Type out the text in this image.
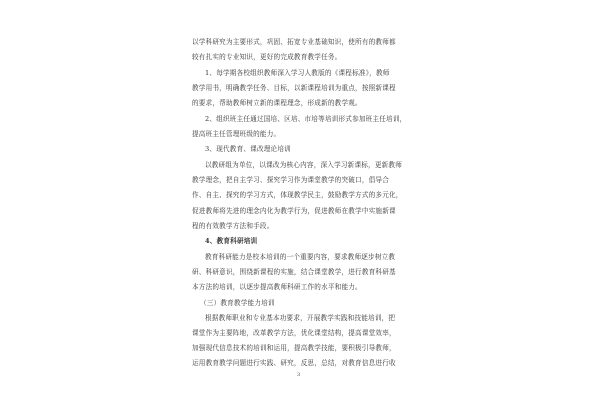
以学科研究为主要形式，巩固、拓宽专业基础知识，使所有的教师都
较有扎实的专业知识，更好的完成教育教学任务。
1、每学期各校组织教师深入学习人教版的《课程标准》，教师
教学用书，明确教学任务、目标，以新课程培训为重点，按照新课程
的要求，帮助教师树立新的课程理念，形成新的教学观。
2、组织班主任通过国培、区培、市培等培训形式参加班主任培训，
提高班主任管理班级的能力。
3、现代教育、课改理论培训
以教研组为单位，以课改为核心内容，深入学习新课标，更新教师
教学理念，把自主学习、探究学习作为课堂教学的突破口，倡导合
作、自主、探究的学习方式，体现教学民主，鼓励教学方式的多元化，
促进教师将先进的理念内化为教学行为，促进教师在教学中实施新课
程的有效教学方法和手段。
4、教育科研培训
教育科研能力是校本培训的一个重要内容，要求教师逐步树立教
研、科研意识，围绕新课程的实施，结合课堂教学，进行教育科研基
本方法的培训，以逐步提高教师科研工作的水平和能力。
（三）教育教学能力培训
根据教师职业和专业基本功要求，开展教学实践和技能培训，把
课堂作为主要阵地，改革教学方法，优化课堂结构，提高课堂效率，
加强现代信息技术的培训和运用，提高教学技能，要积极引导教师，
运用教育教学问题进行实践、研究，反思，总结，对教育信息进行收
3
